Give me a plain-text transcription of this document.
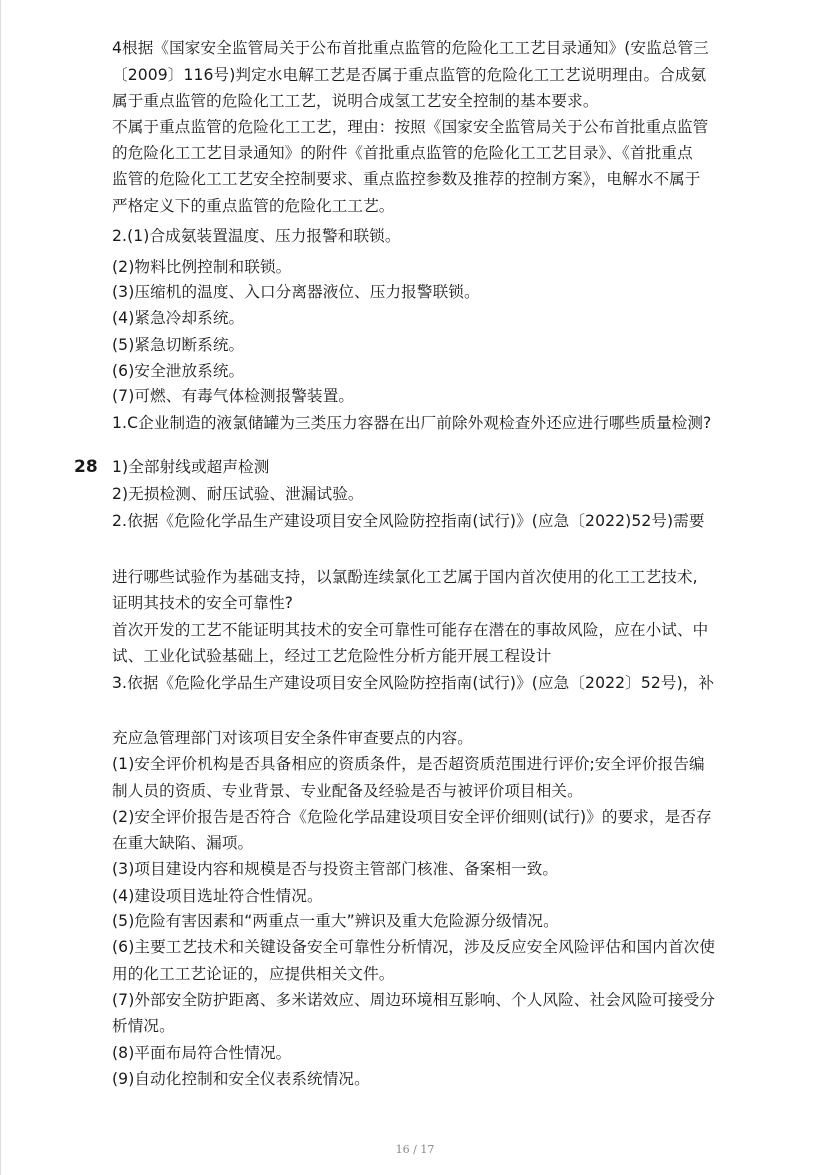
4根据《国家安全监管局关于公布首批重点监管的危险化工工艺目录通知》(安监总管三
〔2009〕116号)判定水电解工艺是否属于重点监管的危险化工工艺说明理由。合成氨
属于重点监管的危险化工工艺，说明合成氢工艺安全控制的基本要求。
不属于重点监管的危险化工工艺，理由：按照《国家安全监管局关于公布首批重点监管
的危险化工工艺目录通知》的附件《首批重点监管的危险化工工艺目录》、《首批重点
监管的危险化工工艺安全控制要求、重点监控参数及推荐的控制方案》，电解水不属于
严格定义下的重点监管的危险化工工艺。
2.(1)合成氨装置温度、压力报警和联锁。
(2)物料比例控制和联锁。
(3)压缩机的温度、入口分离器液位、压力报警联锁。
(4)紧急冷却系统。
(5)紧急切断系统。
(6)安全泄放系统。
(7)可燃、有毒气体检测报警装置。
1.C企业制造的液氯储罐为三类压力容器在出厂前除外观检查外还应进行哪些质量检测?
1)全部射线或超声检测
2)无损检测、耐压试验、泄漏试验。
2.依据《危险化学品生产建设项目安全风险防控指南(试行)》(应急〔2022)52号)需要
进行哪些试验作为基础支持，以氯酚连续氯化工艺属于国内首次使用的化工工艺技术,
证明其技术的安全可靠性?
首次开发的工艺不能证明其技术的安全可靠性可能存在潜在的事故风险，应在小试、中
试、工业化试验基础上，经过工艺危险性分析方能开展工程设计
3.依据《危险化学品生产建设项目安全风险防控指南(试行)》(应急〔2022〕52号)，补
充应急管理部门对该项目安全条件审查要点的内容。
(1)安全评价机构是否具备相应的资质条件，是否超资质范围进行评价;安全评价报告编
制人员的资质、专业背景、专业配备及经验是否与被评价项目相关。
(2)安全评价报告是否符合《危险化学品建设项目安全评价细则(试行)》的要求，是否存
在重大缺陷、漏项。
(3)项目建设内容和规模是否与投资主管部门核准、备案相一致。
(4)建设项目选址符合性情况。
(5)危险有害因素和“两重点一重大”辨识及重大危险源分级情况。
(6)主要工艺技术和关键设备安全可靠性分析情况，涉及反应安全风险评估和国内首次使
用的化工工艺论证的，应提供相关文件。
(7)外部安全防护距离、多米诺效应、周边环境相互影响、个人风险、社会风险可接受分
析情况。
(8)平面布局符合性情况。
(9)自动化控制和安全仪表系统情况。
28
16 / 17
